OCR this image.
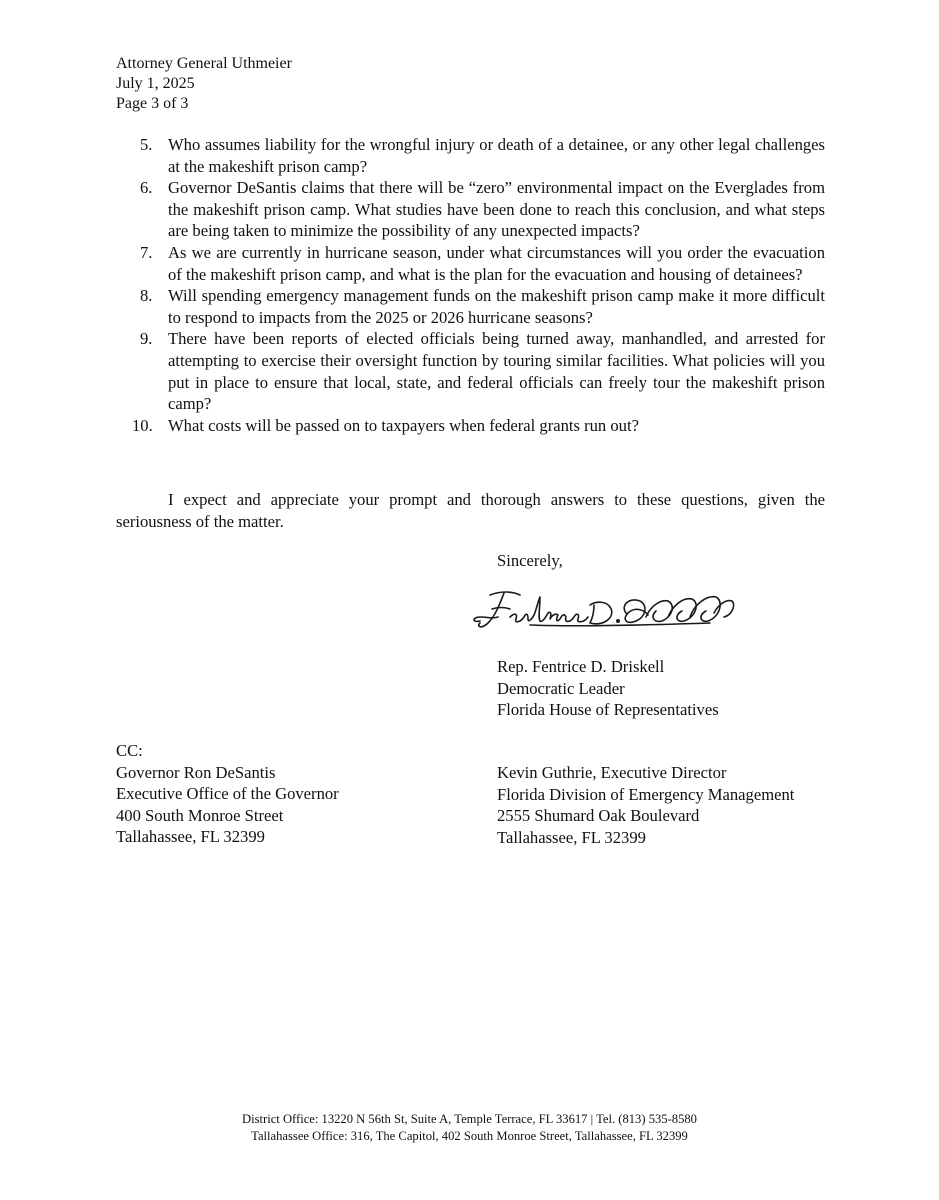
Attorney General Uthmeier
July 1, 2025
Page 3 of 3
5. Who assumes liability for the wrongful injury or death of a detainee, or any other legal challenges at the makeshift prison camp?
6. Governor DeSantis claims that there will be “zero” environmental impact on the Everglades from the makeshift prison camp. What studies have been done to reach this conclusion, and what steps are being taken to minimize the possibility of any unexpected impacts?
7. As we are currently in hurricane season, under what circumstances will you order the evacuation of the makeshift prison camp, and what is the plan for the evacuation and housing of detainees?
8. Will spending emergency management funds on the makeshift prison camp make it more difficult to respond to impacts from the 2025 or 2026 hurricane seasons?
9. There have been reports of elected officials being turned away, manhandled, and arrested for attempting to exercise their oversight function by touring similar facilities. What policies will you put in place to ensure that local, state, and federal officials can freely tour the makeshift prison camp?
10. What costs will be passed on to taxpayers when federal grants run out?

I expect and appreciate your prompt and thorough answers to these questions, given the seriousness of the matter.

Sincerely,
Rep. Fentrice D. Driskell
Democratic Leader
Florida House of Representatives
CC:
Governor Ron DeSantis
Executive Office of the Governor
400 South Monroe Street
Tallahassee, FL 32399
Kevin Guthrie, Executive Director
Florida Division of Emergency Management
2555 Shumard Oak Boulevard
Tallahassee, FL 32399
District Office: 13220 N 56th St, Suite A, Temple Terrace, FL 33617 | Tel. (813) 535-8580
Tallahassee Office: 316, The Capitol, 402 South Monroe Street, Tallahassee, FL 32399
